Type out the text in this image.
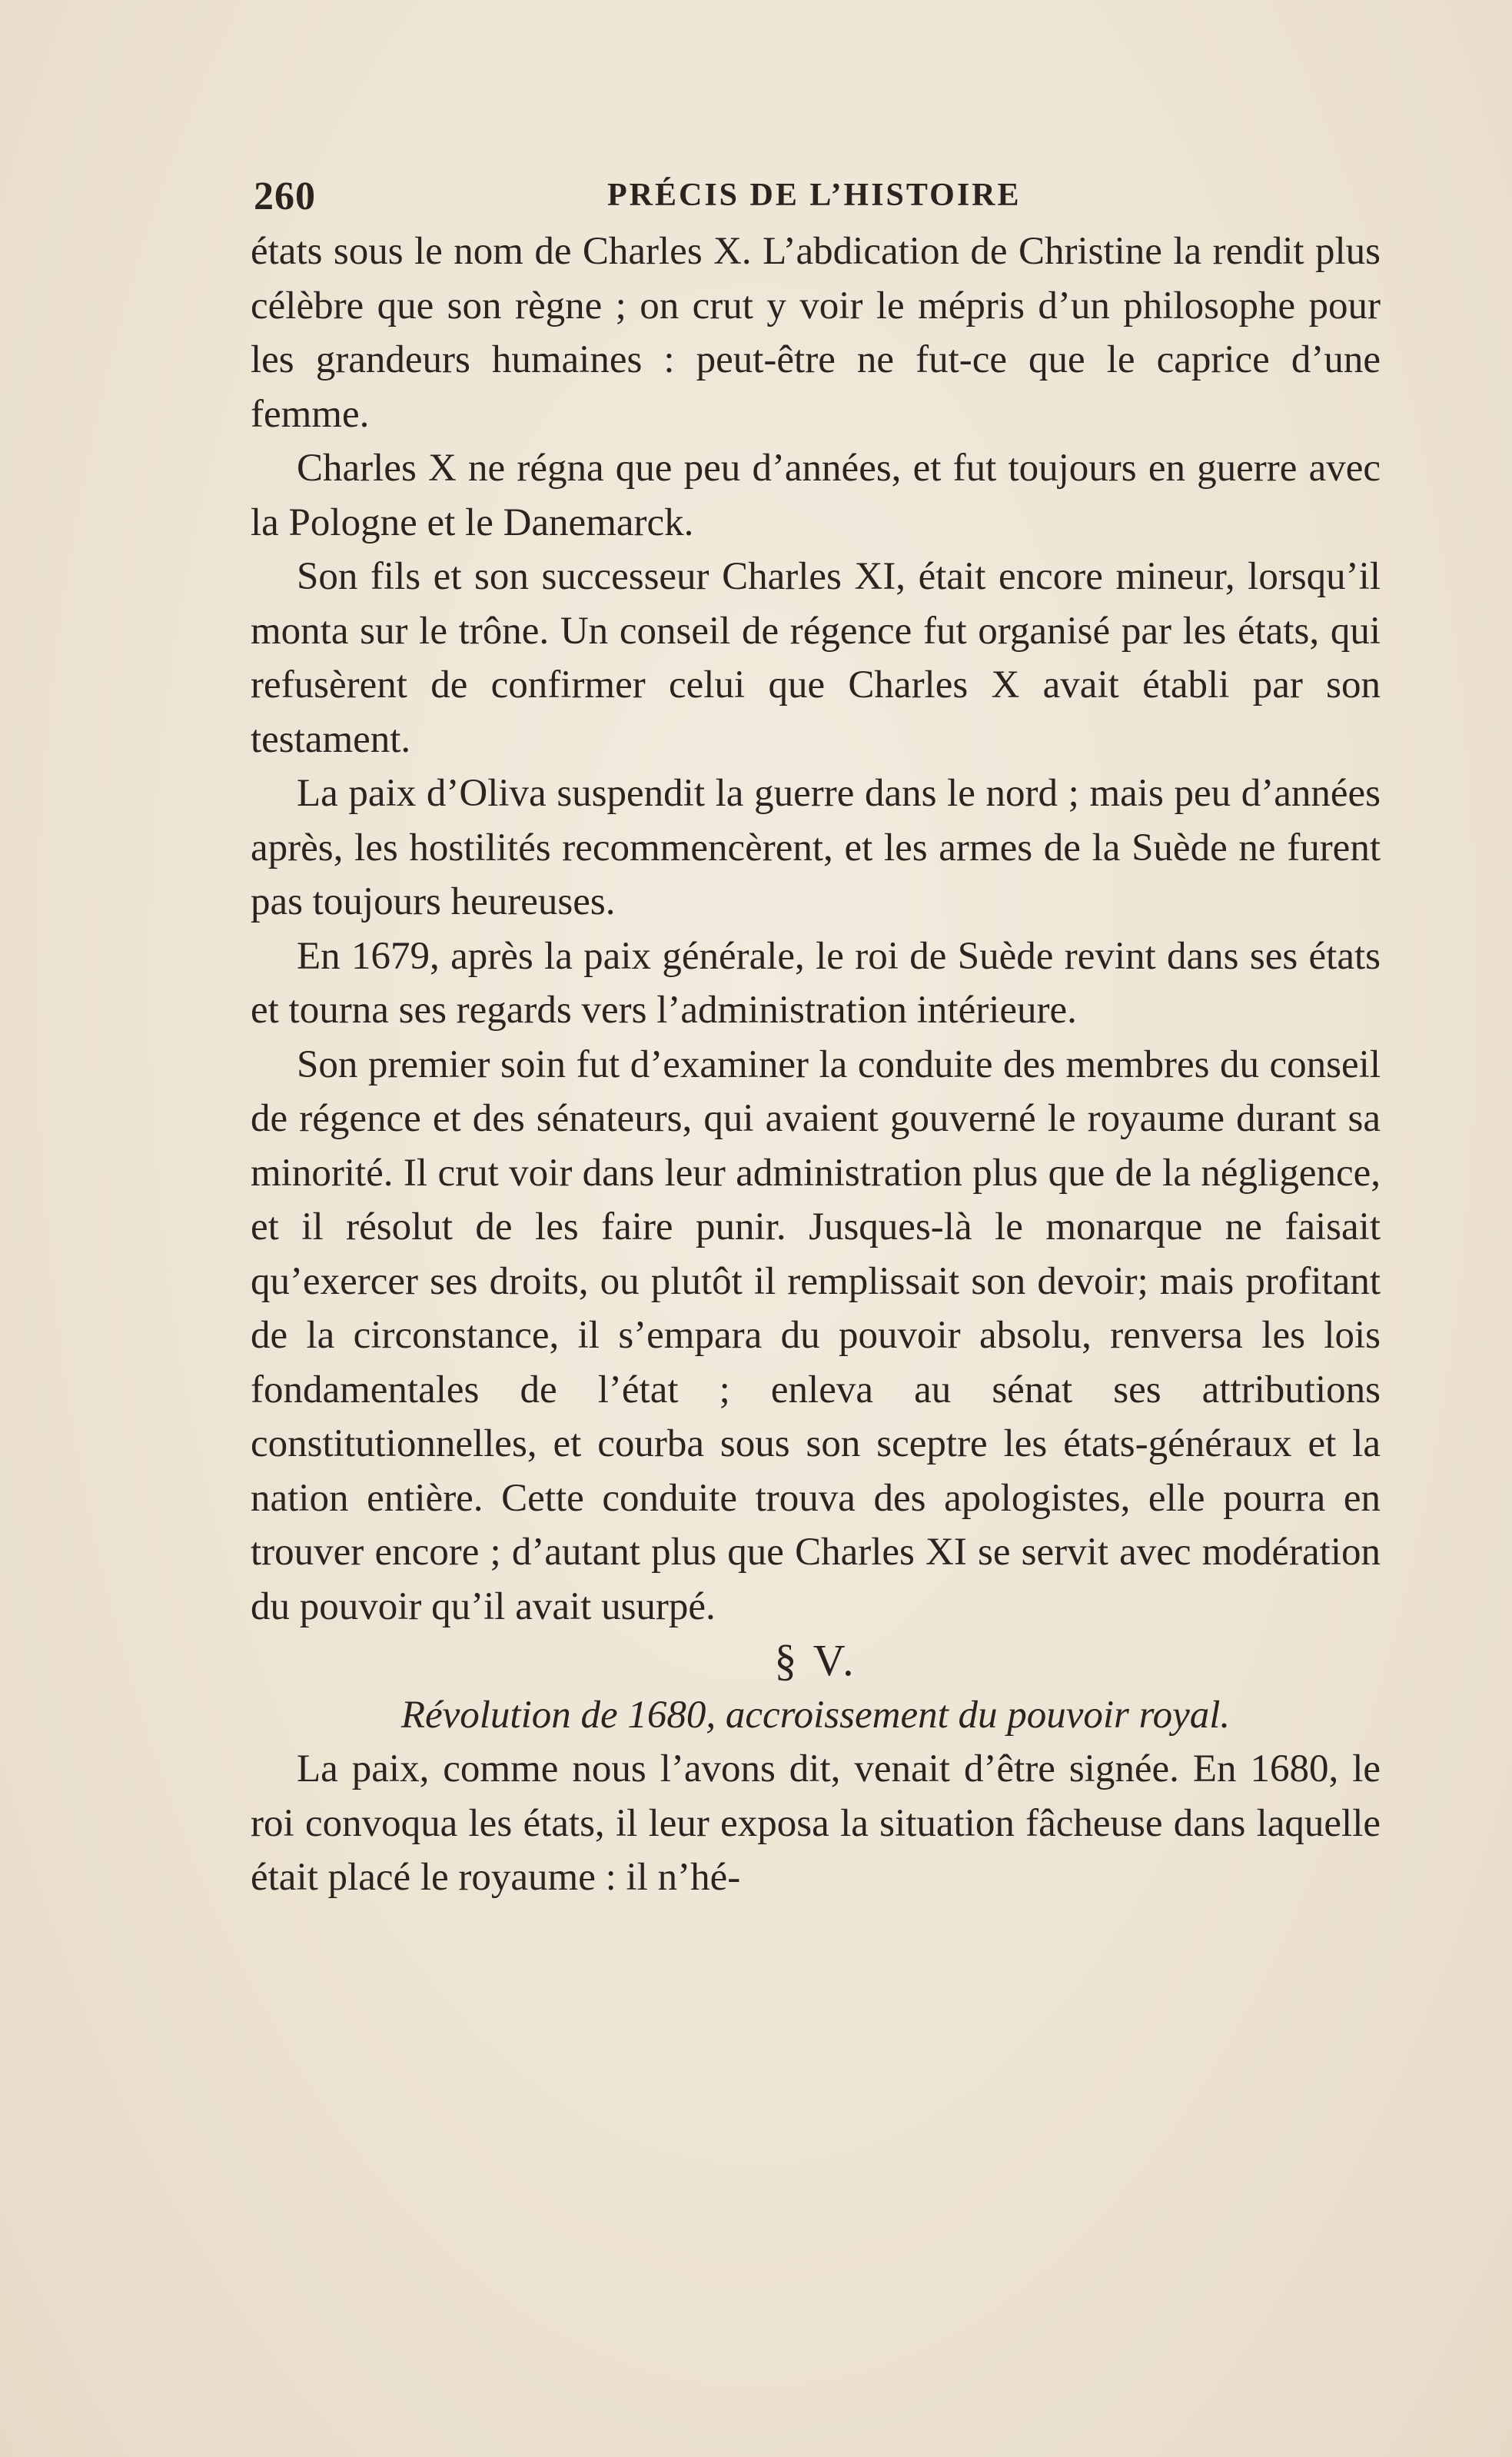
260	PRÉCIS DE L’HISTOIRE

états sous le nom de Charles X. L’abdication de Christine la rendit plus célèbre que son règne ; on crut y voir le mépris d’un philosophe pour les grandeurs humaines : peut-être ne fut-ce que le caprice d’une femme.

Charles X ne régna que peu d’années, et fut toujours en guerre avec la Pologne et le Danemarck.

Son fils et son successeur Charles XI, était encore mineur, lorsqu’il monta sur le trône. Un conseil de régence fut organisé par les états, qui refusèrent de confirmer celui que Charles X avait établi par son testament.

La paix d’Oliva suspendit la guerre dans le nord ; mais peu d’années après, les hostilités recommencèrent, et les armes de la Suède ne furent pas toujours heureuses.

En 1679, après la paix générale, le roi de Suède revint dans ses états et tourna ses regards vers l’administration intérieure.

Son premier soin fut d’examiner la conduite des membres du conseil de régence et des sénateurs, qui avaient gouverné le royaume durant sa minorité. Il crut voir dans leur administration plus que de la négligence, et il résolut de les faire punir. Jusques-là le monarque ne faisait qu’exercer ses droits, ou plutôt il remplissait son devoir; mais profitant de la circonstance, il s’empara du pouvoir absolu, renversa les lois fondamentales de l’état ; enleva au sénat ses attributions constitutionnelles, et courba sous son sceptre les états-généraux et la nation entière. Cette conduite trouva des apologistes, elle pourra en trouver encore ; d’autant plus que Charles XI se servit avec modération du pouvoir qu’il avait usurpé.

§ V.

Révolution de 1680, accroissement du pouvoir royal.

La paix, comme nous l’avons dit, venait d’être signée. En 1680, le roi convoqua les états, il leur exposa la situation fâcheuse dans laquelle était placé le royaume : il n’hé-
